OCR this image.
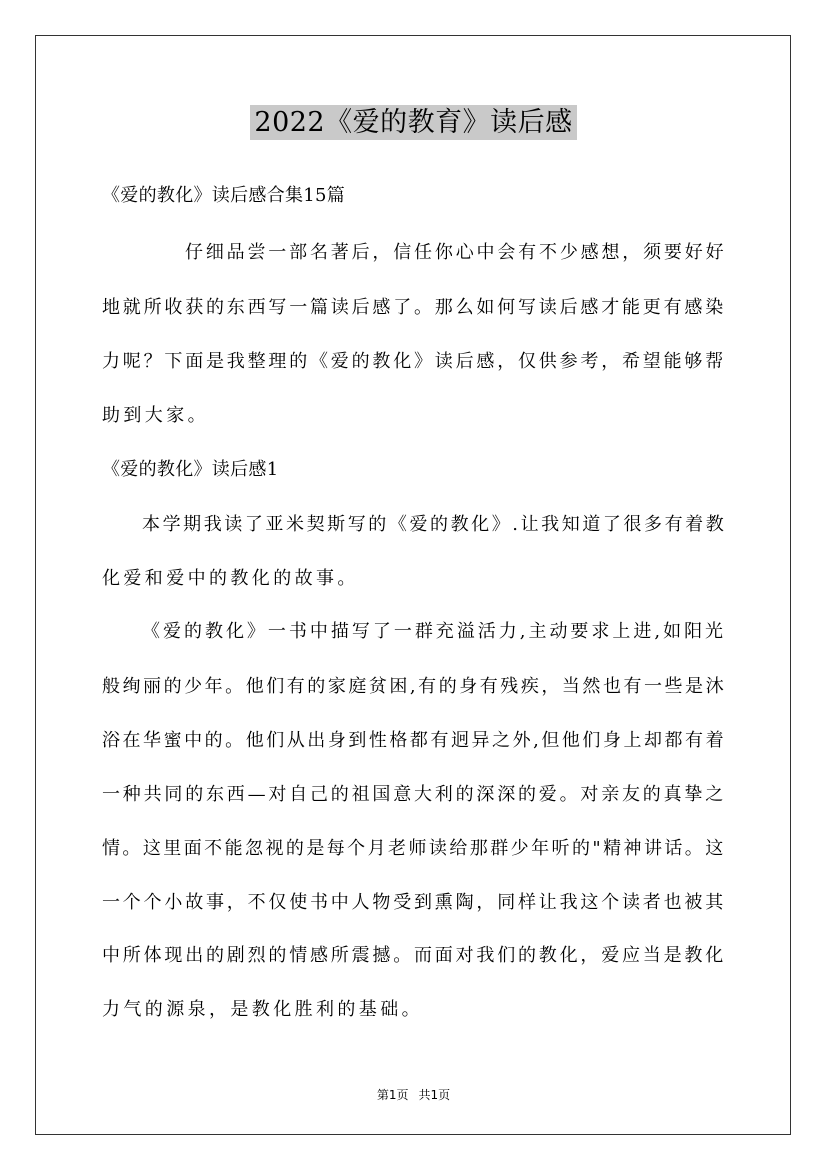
2022《爱的教育》读后感
《爱的教化》读后感合集15篇
仔细品尝一部名著后，信任你心中会有不少感想，须要好好
地就所收获的东西写一篇读后感了。那么如何写读后感才能更有感染
力呢？下面是我整理的《爱的教化》读后感，仅供参考，希望能够帮
助到大家。
《爱的教化》读后感1
本学期我读了亚米契斯写的《爱的教化》.让我知道了很多有着教
化爱和爱中的教化的故事。
《爱的教化》一书中描写了一群充溢活力,主动要求上进,如阳光
般绚丽的少年。他们有的家庭贫困,有的身有残疾，当然也有一些是沐
浴在华蜜中的。他们从出身到性格都有迥异之外,但他们身上却都有着
一种共同的东西—对自己的祖国意大利的深深的爱。对亲友的真挚之
情。这里面不能忽视的是每个月老师读给那群少年听的"精神讲话。这
一个个小故事，不仅使书中人物受到熏陶，同样让我这个读者也被其
中所体现出的剧烈的情感所震撼。而面对我们的教化，爱应当是教化
力气的源泉，是教化胜利的基础。
第1页 共1页
